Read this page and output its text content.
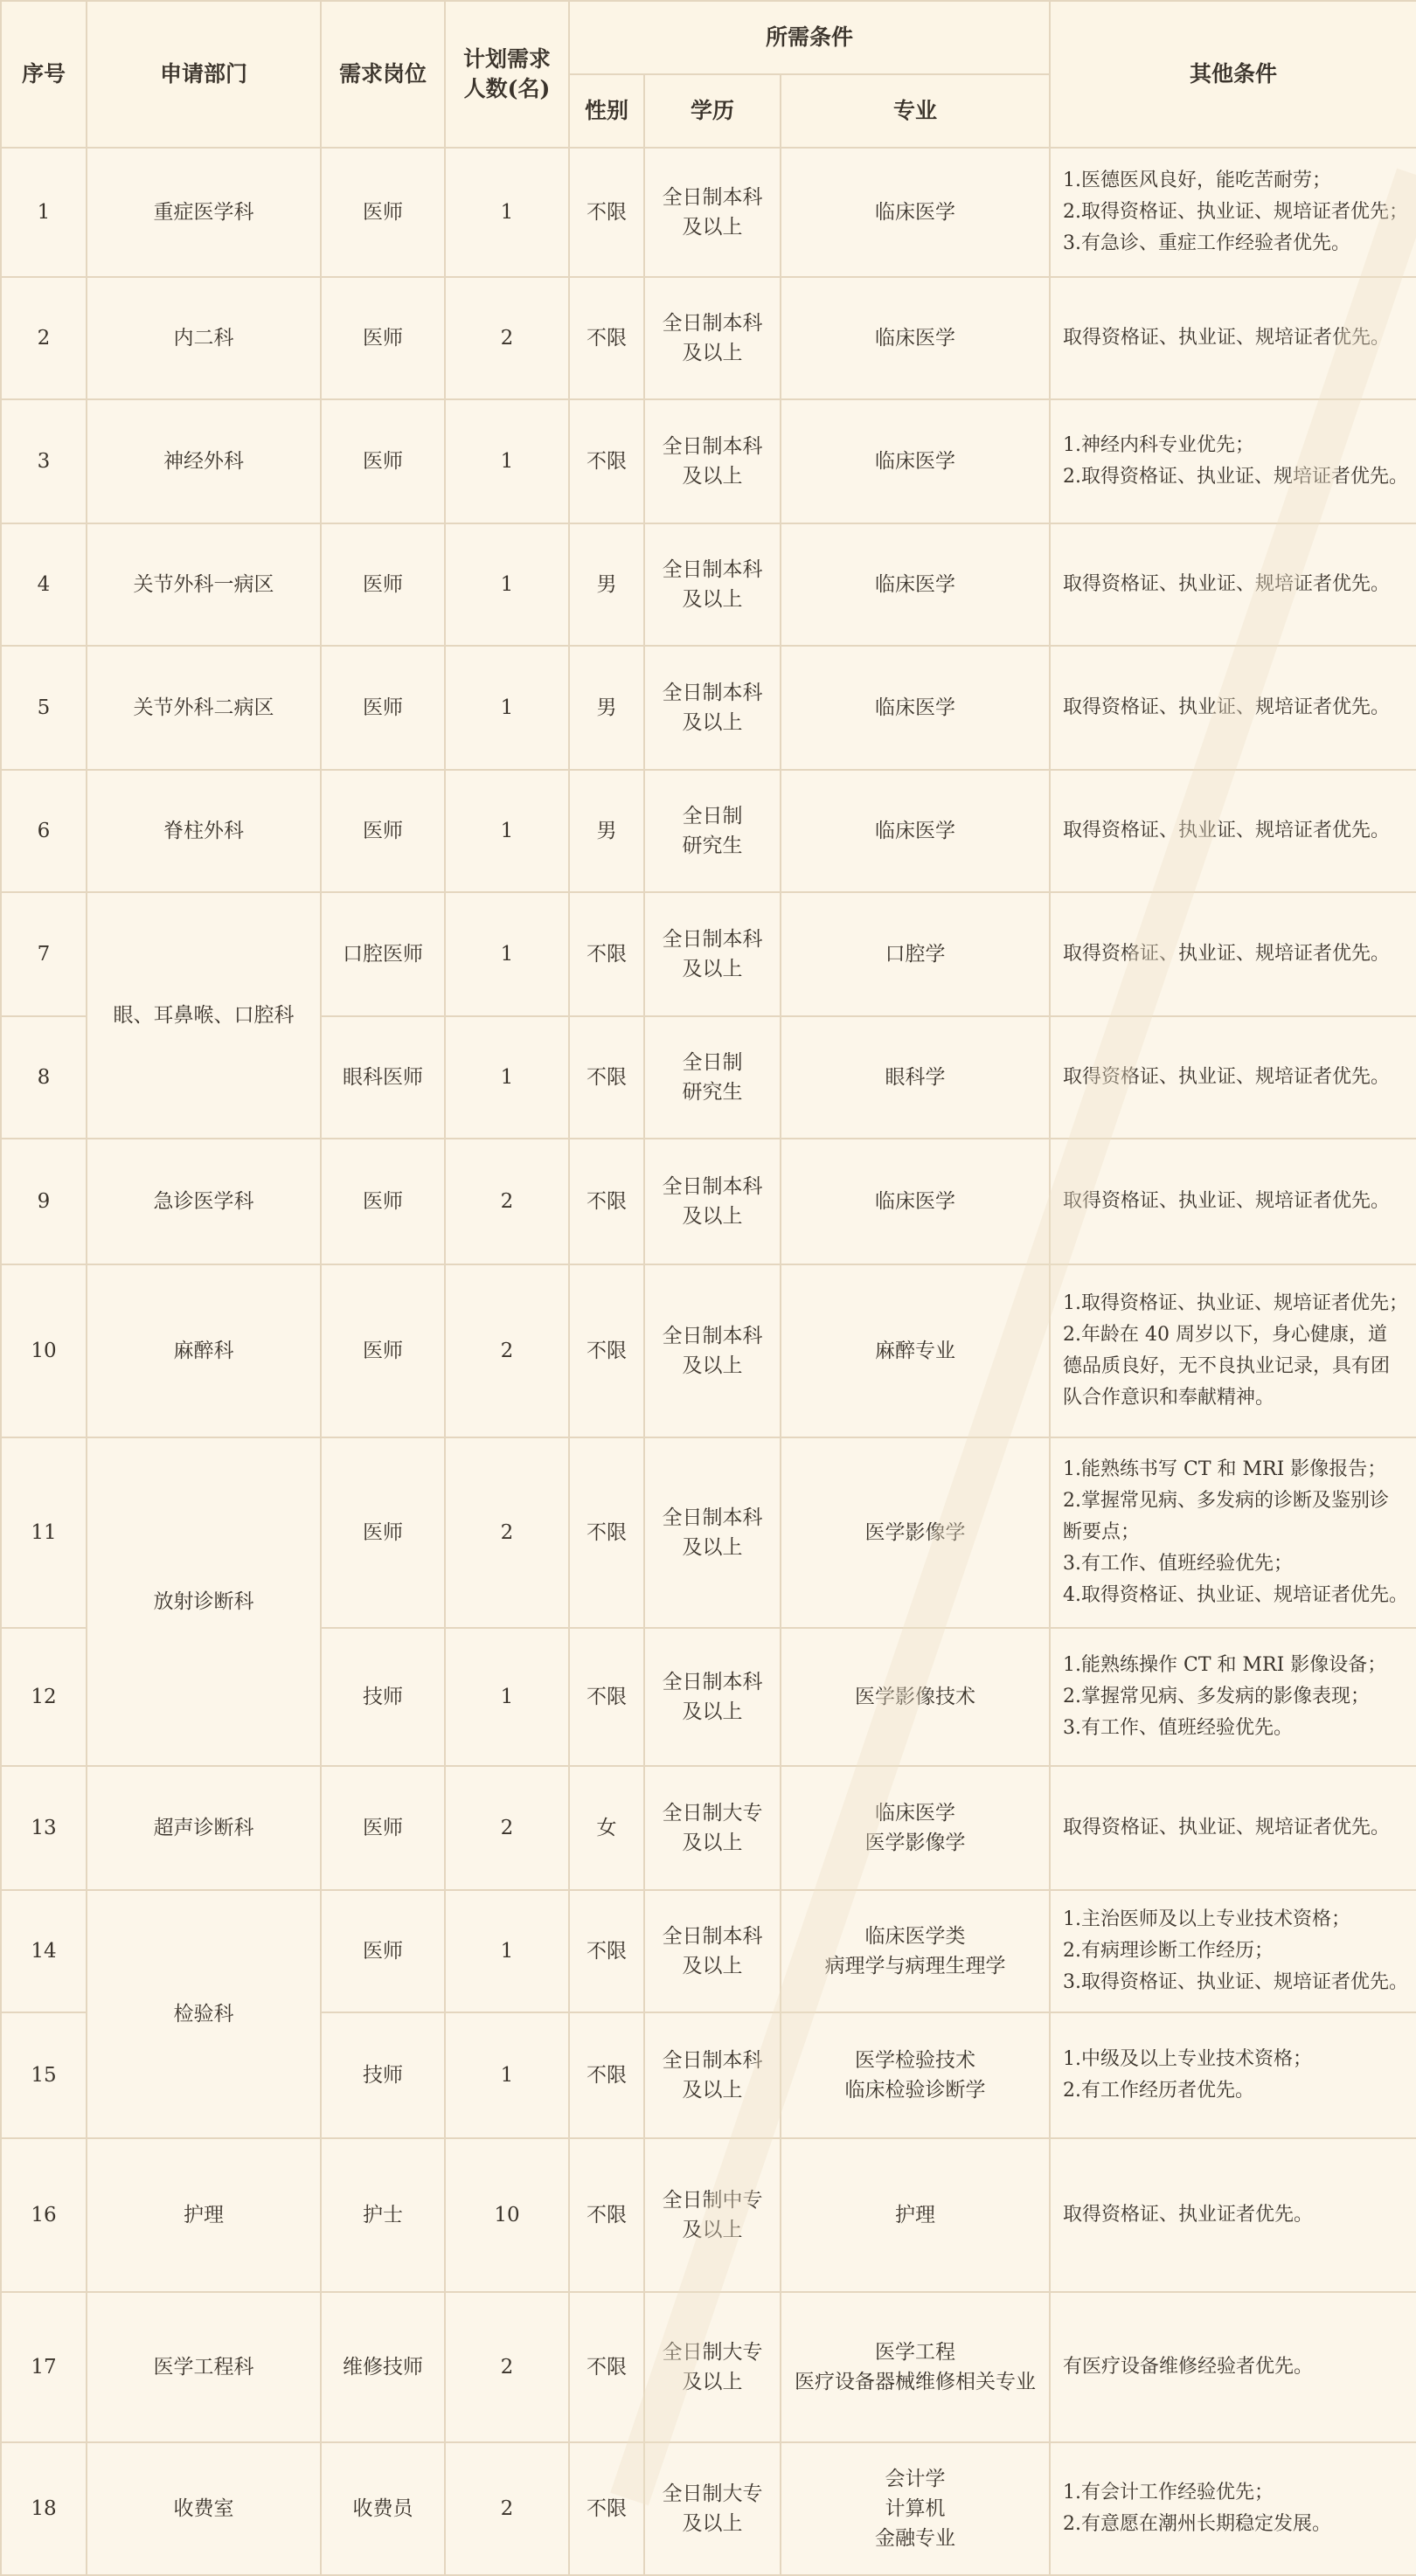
序号	申请部门	需求岗位	计划需求 人数(名)	所需条件			其他条件
				性别	学历	专业	
1	重症医学科	医师	1	不限	全日制本科
及以上	临床医学	1.医德医风良好，能吃苦耐劳；
2.取得资格证、执业证、规培证者优先；
3.有急诊、重症工作经验者优先。

2	内二科	医师	2	不限	全日制本科
及以上	临床医学	取得资格证、执业证、规培证者优先。

3	神经外科	医师	1	不限	全日制本科
及以上	临床医学	1.神经内科专业优先；
2.取得资格证、执业证、规培证者优先。

4	关节外科一病区	医师	1	男	全日制本科
及以上	临床医学	取得资格证、执业证、规培证者优先。

5	关节外科二病区	医师	1	男	全日制本科
及以上	临床医学	取得资格证、执业证、规培证者优先。

6	脊柱外科	医师	1	男	全日制
研究生	临床医学	取得资格证、执业证、规培证者优先。

7	眼、耳鼻喉、口腔科	口腔医师	1	不限	全日制本科
及以上	口腔学	取得资格证、执业证、规培证者优先。

8		眼科医师	1	不限	全日制
研究生	眼科学	取得资格证、执业证、规培证者优先。

9	急诊医学科	医师	2	不限	全日制本科
及以上	临床医学	取得资格证、执业证、规培证者优先。

10	麻醉科	医师	2	不限	全日制本科
及以上	麻醉专业	1.取得资格证、执业证、规培证者优先；
2.年龄在 40 周岁以下，身心健康，道
德品质良好，无不良执业记录，具有团
队合作意识和奉献精神。

11	放射诊断科	医师	2	不限	全日制本科
及以上	医学影像学	1.能熟练书写 CT 和 MRI 影像报告；
2.掌握常见病、多发病的诊断及鉴别诊
断要点；
3.有工作、值班经验优先；
4.取得资格证、执业证、规培证者优先。

12		技师	1	不限	全日制本科
及以上	医学影像技术	1.能熟练操作 CT 和 MRI 影像设备；
2.掌握常见病、多发病的影像表现；
3.有工作、值班经验优先。

13	超声诊断科	医师	2	女	全日制大专
及以上	临床医学
医学影像学	取得资格证、执业证、规培证者优先。

14	检验科	医师	1	不限	全日制本科
及以上	临床医学类
病理学与病理生理学	1.主治医师及以上专业技术资格；
2.有病理诊断工作经历；
3.取得资格证、执业证、规培证者优先。

15		技师	1	不限	全日制本科
及以上	医学检验技术
临床检验诊断学	1.中级及以上专业技术资格；
2.有工作经历者优先。

16	护理	护士	10	不限	全日制中专
及以上	护理	取得资格证、执业证者优先。

17	医学工程科	维修技师	2	不限	全日制大专
及以上	医学工程
医疗设备器械维修相关专业	有医疗设备维修经验者优先。

18	收费室	收费员	2	不限	全日制大专
及以上	会计学
计算机
金融专业	1.有会计工作经验优先；
2.有意愿在潮州长期稳定发展。
